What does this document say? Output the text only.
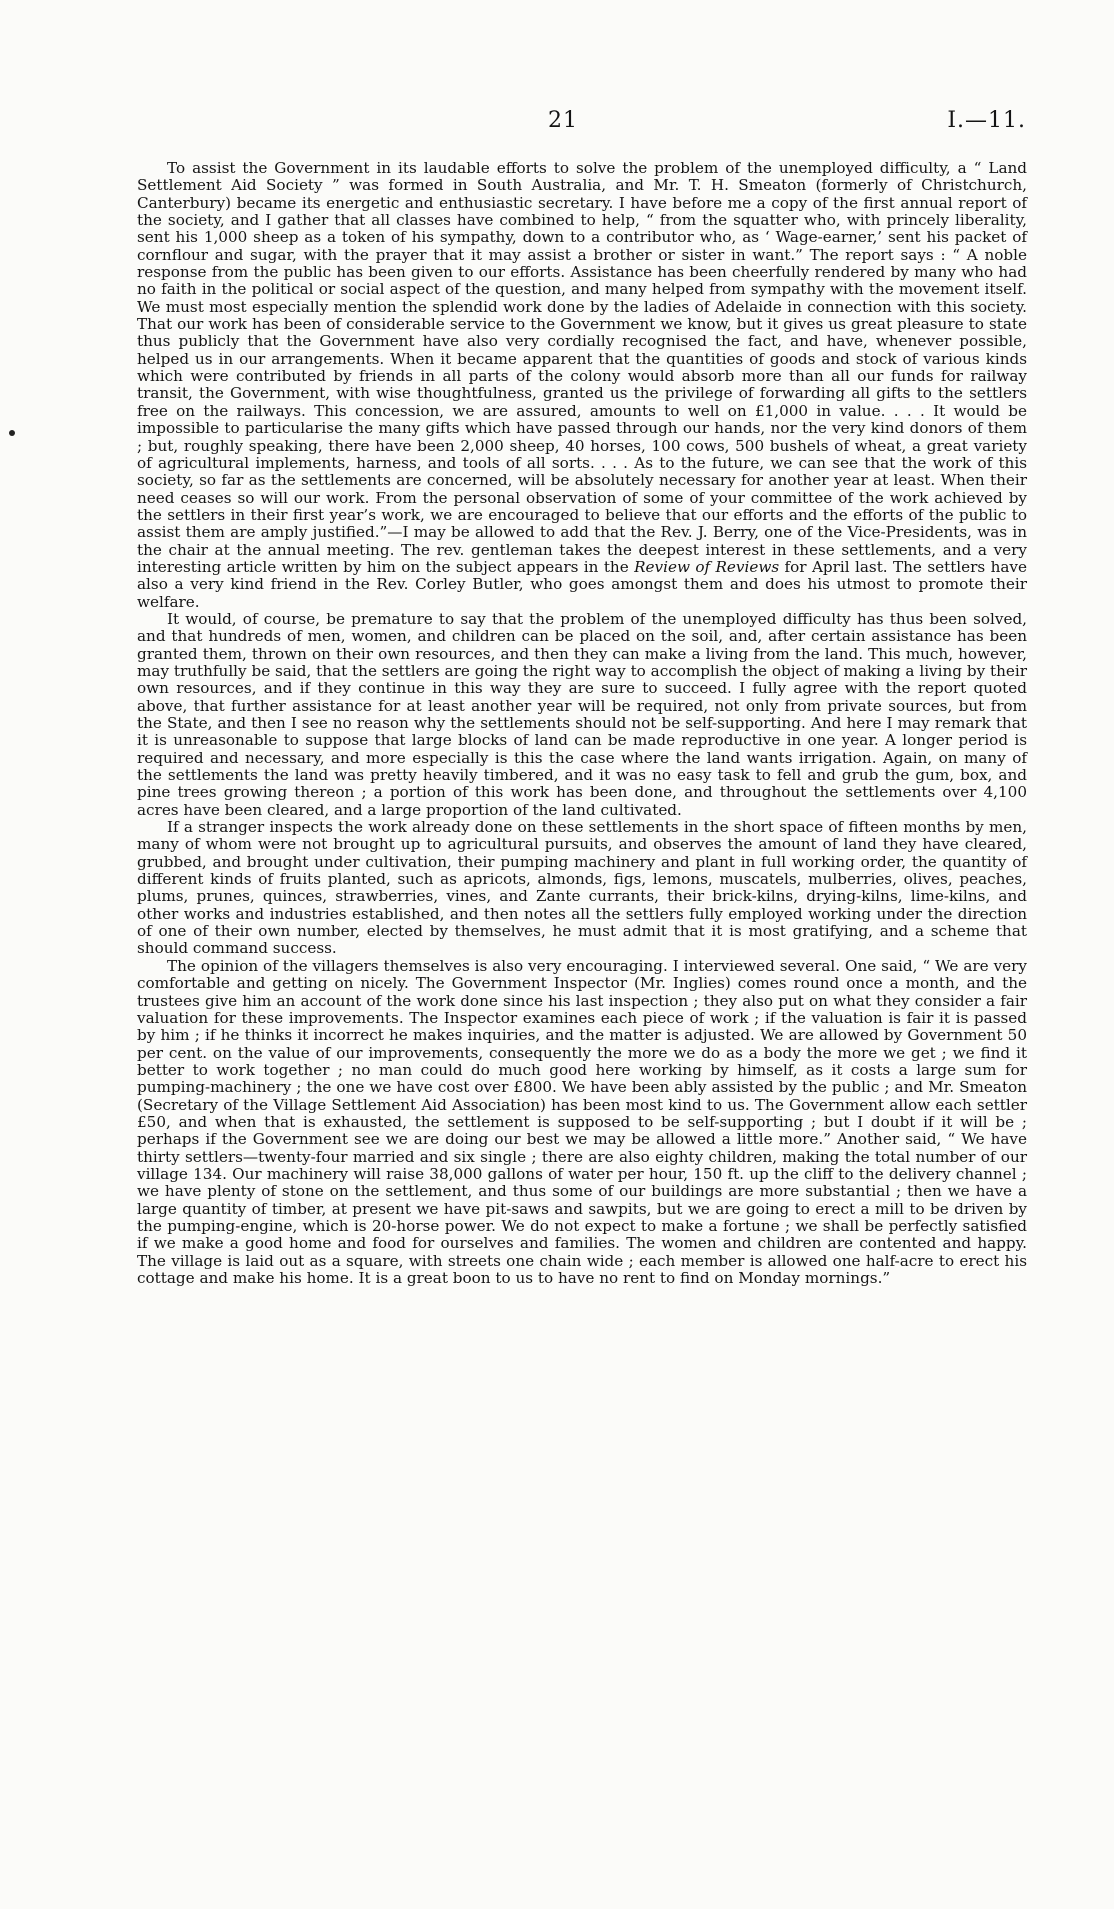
21	I.—11.

To assist the Government in its laudable efforts to solve the problem of the unemployed difficulty, a “ Land Settlement Aid Society ” was formed in South Australia, and Mr. T. H. Smeaton (formerly of Christchurch, Canterbury) became its energetic and enthusiastic secretary. I have before me a copy of the first annual report of the society, and I gather that all classes have combined to help, “ from the squatter who, with princely liberality, sent his 1,000 sheep as a token of his sympathy, down to a contributor who, as ‘ Wage-earner,’ sent his packet of cornflour and sugar, with the prayer that it may assist a brother or sister in want.” The report says : “ A noble response from the public has been given to our efforts. Assistance has been cheerfully rendered by many who had no faith in the political or social aspect of the question, and many helped from sympathy with the movement itself. We must most especially mention the splendid work done by the ladies of Adelaide in connection with this society. That our work has been of considerable service to the Government we know, but it gives us great pleasure to state thus publicly that the Government have also very cordially recognised the fact, and have, whenever possible, helped us in our arrangements. When it became apparent that the quantities of goods and stock of various kinds which were contributed by friends in all parts of the colony would absorb more than all our funds for railway transit, the Government, with wise thoughtfulness, granted us the privilege of forwarding all gifts to the settlers free on the railways. This concession, we are assured, amounts to well on £1,000 in value. . . . It would be impossible to particularise the many gifts which have passed through our hands, nor the very kind donors of them ; but, roughly speaking, there have been 2,000 sheep, 40 horses, 100 cows, 500 bushels of wheat, a great variety of agricultural implements, harness, and tools of all sorts. . . . As to the future, we can see that the work of this society, so far as the settlements are concerned, will be absolutely necessary for another year at least. When their need ceases so will our work. From the personal observation of some of your committee of the work achieved by the settlers in their first year’s work, we are encouraged to believe that our efforts and the efforts of the public to assist them are amply justified.”—I may be allowed to add that the Rev. J. Berry, one of the Vice-Presidents, was in the chair at the annual meeting. The rev. gentleman takes the deepest interest in these settlements, and a very interesting article written by him on the subject appears in the Review of Reviews for April last. The settlers have also a very kind friend in the Rev. Corley Butler, who goes amongst them and does his utmost to promote their welfare.

It would, of course, be premature to say that the problem of the unemployed difficulty has thus been solved, and that hundreds of men, women, and children can be placed on the soil, and, after certain assistance has been granted them, thrown on their own resources, and then they can make a living from the land. This much, however, may truthfully be said, that the settlers are going the right way to accomplish the object of making a living by their own resources, and if they continue in this way they are sure to succeed. I fully agree with the report quoted above, that further assistance for at least another year will be required, not only from private sources, but from the State, and then I see no reason why the settlements should not be self-supporting. And here I may remark that it is unreasonable to suppose that large blocks of land can be made reproductive in one year. A longer period is required and necessary, and more especially is this the case where the land wants irrigation. Again, on many of the settlements the land was pretty heavily timbered, and it was no easy task to fell and grub the gum, box, and pine trees growing thereon ; a portion of this work has been done, and throughout the settlements over 4,100 acres have been cleared, and a large proportion of the land cultivated.

If a stranger inspects the work already done on these settlements in the short space of fifteen months by men, many of whom were not brought up to agricultural pursuits, and observes the amount of land they have cleared, grubbed, and brought under cultivation, their pumping machinery and plant in full working order, the quantity of different kinds of fruits planted, such as apricots, almonds, figs, lemons, muscatels, mulberries, olives, peaches, plums, prunes, quinces, strawberries, vines, and Zante currants, their brick-kilns, drying-kilns, lime-kilns, and other works and industries established, and then notes all the settlers fully employed working under the direction of one of their own number, elected by themselves, he must admit that it is most gratifying, and a scheme that should command success.

The opinion of the villagers themselves is also very encouraging. I interviewed several. One said, “ We are very comfortable and getting on nicely. The Government Inspector (Mr. Inglies) comes round once a month, and the trustees give him an account of the work done since his last inspection ; they also put on what they consider a fair valuation for these improvements. The Inspector examines each piece of work ; if the valuation is fair it is passed by him ; if he thinks it incorrect he makes inquiries, and the matter is adjusted. We are allowed by Government 50 per cent. on the value of our improvements, consequently the more we do as a body the more we get ; we find it better to work together ; no man could do much good here working by himself, as it costs a large sum for pumping-machinery ; the one we have cost over £800. We have been ably assisted by the public ; and Mr. Smeaton (Secretary of the Village Settlement Aid Association) has been most kind to us. The Government allow each settler £50, and when that is exhausted, the settlement is supposed to be self-supporting ; but I doubt if it will be ; perhaps if the Government see we are doing our best we may be allowed a little more.” Another said, “ We have thirty settlers—twenty-four married and six single ; there are also eighty children, making the total number of our village 134. Our machinery will raise 38,000 gallons of water per hour, 150 ft. up the cliff to the delivery channel ; we have plenty of stone on the settlement, and thus some of our buildings are more substantial ; then we have a large quantity of timber, at present we have pit-saws and sawpits, but we are going to erect a mill to be driven by the pumping-engine, which is 20-horse power. We do not expect to make a fortune ; we shall be perfectly satisfied if we make a good home and food for ourselves and families. The women and children are contented and happy. The village is laid out as a square, with streets one chain wide ; each member is allowed one half-acre to erect his cottage and make his home. It is a great boon to us to have no rent to find on Monday mornings.”
